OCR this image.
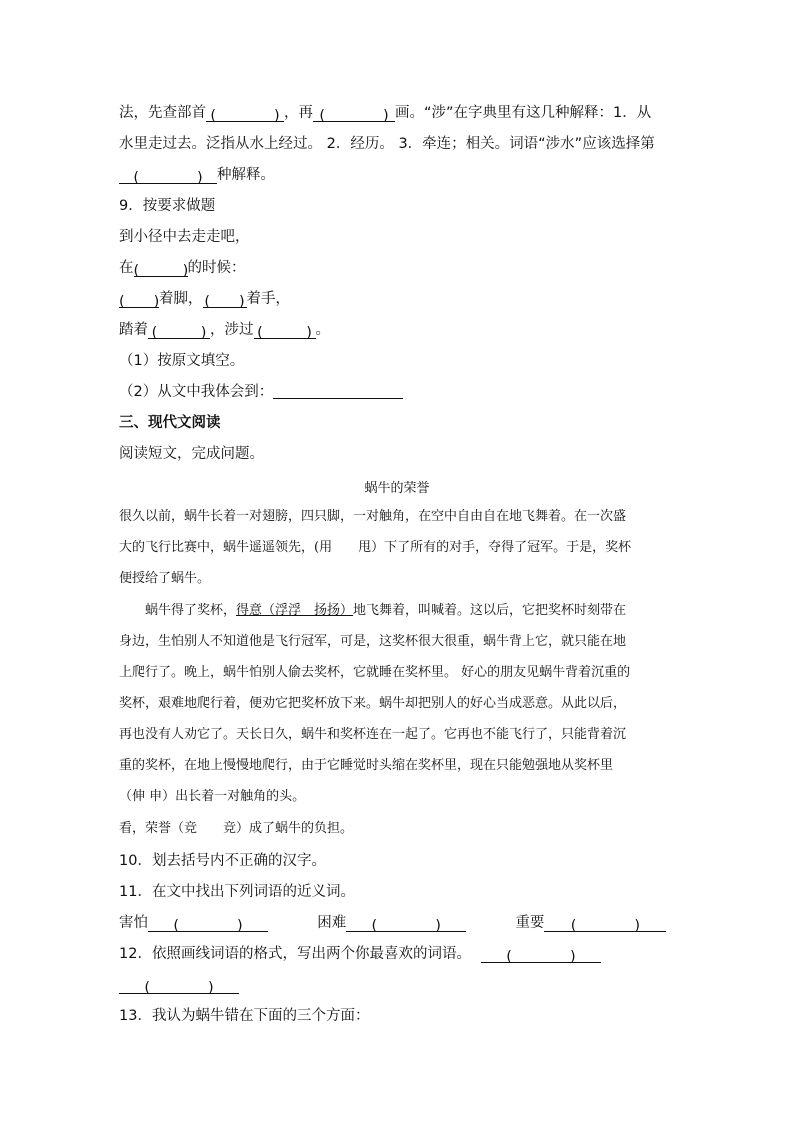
法，先查部首 (　　　　) ，再 (　　　　) 画。“涉”在字典里有这几种解释：1．从
水里走过去。泛指从水上经过。 2．经历。 3．牵连；相关。词语“涉水”应该选择第
(　　　　) 种解释。
9．按要求做题
到小径中去走走吧，
在(　　　)的时候：
(　　)着脚， (　　) 着手，
踏着 (　　　) ，涉过 (　　　) 。
（1）按原文填空。
（2）从文中我体会到：
三、现代文阅读
阅读短文，完成问题。
蜗牛的荣誉
很久以前，蜗牛长着一对翅膀，四只脚，一对触角，在空中自由自在地飞舞着。在一次盛
大的飞行比赛中，蜗牛遥遥领先，(用　　甩）下了所有的对手，夺得了冠军。于是，奖杯
便授给了蜗牛。
蜗牛得了奖杯，得意（浮浮　扬扬）地飞舞着，叫喊着。这以后，它把奖杯时刻带在
身边，生怕别人不知道他是飞行冠军，可是，这奖杯很大很重，蜗牛背上它，就只能在地
上爬行了。晚上，蜗牛怕别人偷去奖杯，它就睡在奖杯里。 好心的朋友见蜗牛背着沉重的
奖杯，艰难地爬行着，便劝它把奖杯放下来。蜗牛却把别人的好心当成恶意。从此以后，
再也没有人劝它了。天长日久，蜗牛和奖杯连在一起了。它再也不能飞行了，只能背着沉
重的奖杯，在地上慢慢地爬行，由于它睡觉时头缩在奖杯里，现在只能勉强地从奖杯里
（伸 申）出长着一对触角的头。
看，荣誉（竞　　竞）成了蜗牛的负担。
10．划去括号内不正确的汉字。
11．在文中找出下列词语的近义词。
害怕 (　　　　)	困难 (　　　　)	重要 (　　　　)
12．依照画线词语的格式，写出两个你最喜欢的词语。 (　　　　)
(　　　　)
13．我认为蜗牛错在下面的三个方面：
